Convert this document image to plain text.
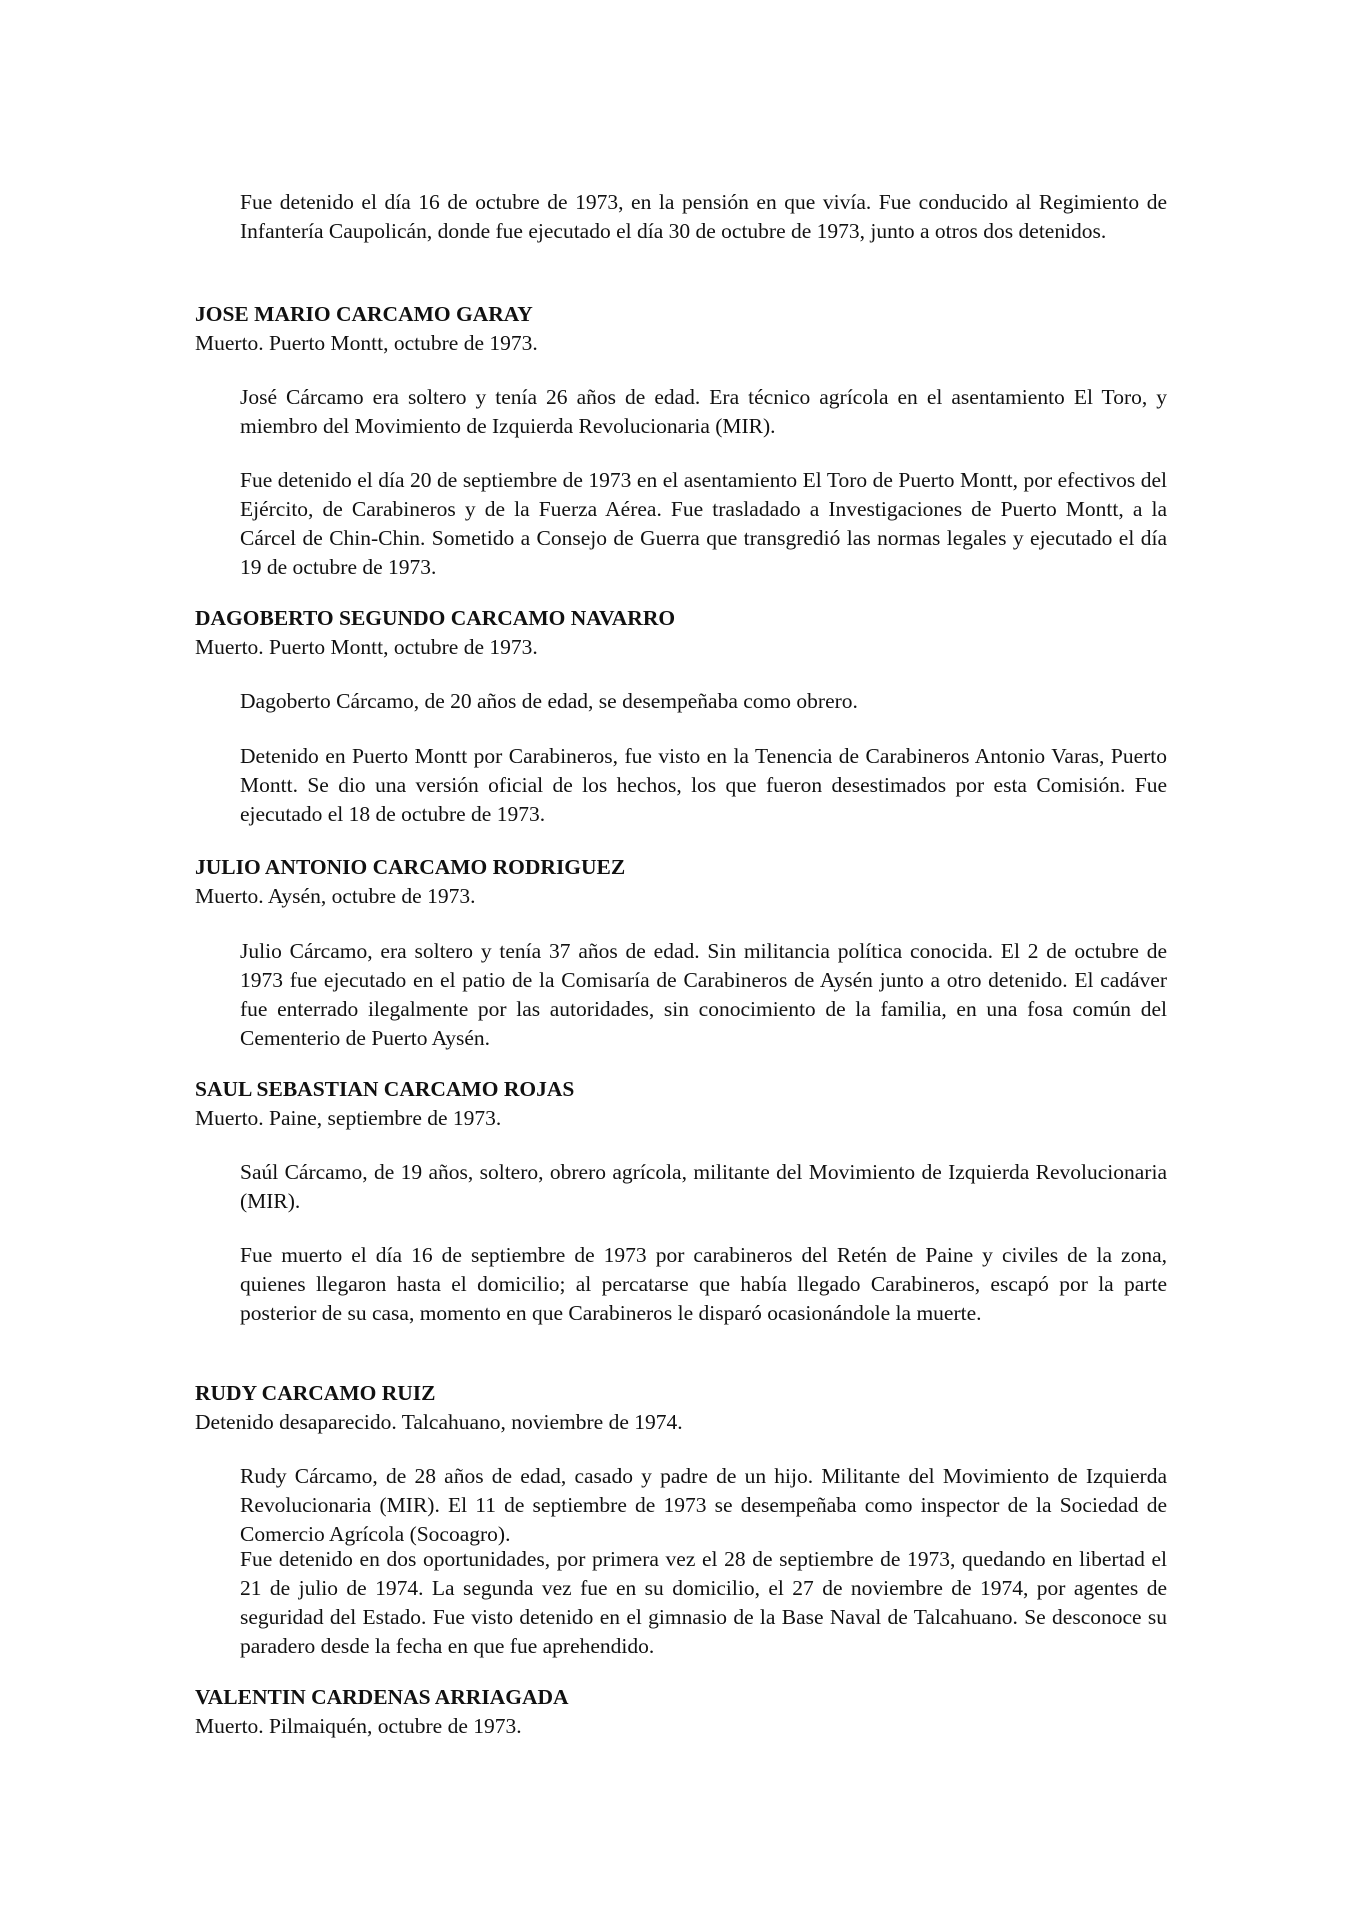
Fue detenido el día 16 de octubre de 1973, en la pensión en que vivía. Fue conducido al Regimiento de Infantería Caupolicán, donde fue ejecutado el día 30 de octubre de 1973, junto a otros dos detenidos.

JOSE MARIO CARCAMO GARAY
Muerto. Puerto Montt, octubre de 1973.

José Cárcamo era soltero y tenía 26 años de edad. Era técnico agrícola en el asentamiento El Toro, y miembro del Movimiento de Izquierda Revolucionaria (MIR).

Fue detenido el día 20 de septiembre de 1973 en el asentamiento El Toro de Puerto Montt, por efectivos del Ejército, de Carabineros y de la Fuerza Aérea. Fue trasladado a Investigaciones de Puerto Montt, a la Cárcel de Chin-Chin. Sometido a Consejo de Guerra que transgredió las normas legales y ejecutado el día 19 de octubre de 1973.

DAGOBERTO SEGUNDO CARCAMO NAVARRO
Muerto. Puerto Montt, octubre de 1973.

Dagoberto Cárcamo, de 20 años de edad, se desempeñaba como obrero.

Detenido en Puerto Montt por Carabineros, fue visto en la Tenencia de Carabineros Antonio Varas, Puerto Montt. Se dio una versión oficial de los hechos, los que fueron desestimados por esta Comisión. Fue ejecutado el 18 de octubre de 1973.

JULIO ANTONIO CARCAMO RODRIGUEZ
Muerto. Aysén, octubre de 1973.

Julio Cárcamo, era soltero y tenía 37 años de edad. Sin militancia política conocida. El 2 de octubre de 1973 fue ejecutado en el patio de la Comisaría de Carabineros de Aysén junto a otro detenido. El cadáver fue enterrado ilegalmente por las autoridades, sin conocimiento de la familia, en una fosa común del Cementerio de Puerto Aysén.

SAUL SEBASTIAN CARCAMO ROJAS
Muerto. Paine, septiembre de 1973.

Saúl Cárcamo, de 19 años, soltero, obrero agrícola, militante del Movimiento de Izquierda Revolucionaria (MIR).

Fue muerto el día 16 de septiembre de 1973 por carabineros del Retén de Paine y civiles de la zona, quienes llegaron hasta el domicilio; al percatarse que había llegado Carabineros, escapó por la parte posterior de su casa, momento en que Carabineros le disparó ocasionándole la muerte.

RUDY CARCAMO RUIZ
Detenido desaparecido. Talcahuano, noviembre de 1974.

Rudy Cárcamo, de 28 años de edad, casado y padre de un hijo. Militante del Movimiento de Izquierda Revolucionaria (MIR). El 11 de septiembre de 1973 se desempeñaba como inspector de la Sociedad de Comercio Agrícola (Socoagro).

Fue detenido en dos oportunidades, por primera vez el 28 de septiembre de 1973, quedando en libertad el 21 de julio de 1974. La segunda vez fue en su domicilio, el 27 de noviembre de 1974, por agentes de seguridad del Estado. Fue visto detenido en el gimnasio de la Base Naval de Talcahuano. Se desconoce su paradero desde la fecha en que fue aprehendido.

VALENTIN CARDENAS ARRIAGADA
Muerto. Pilmaiquén, octubre de 1973.
